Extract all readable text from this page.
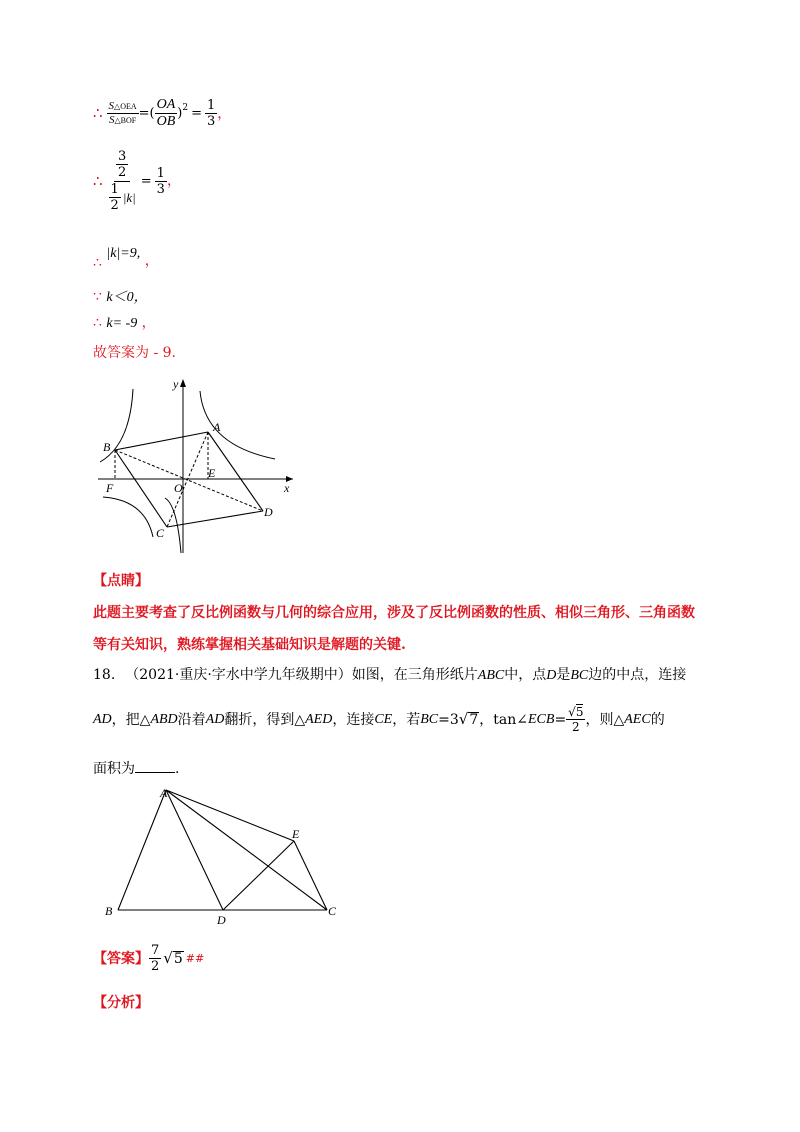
∴ $\frac{\text{S△OEA}}{\text{S△BOF}}$ =( $\frac{OA}{OB} )^2 = \frac{1}{3}$ ，
∴ $\frac{\frac{3}{2}}{\frac{1}{2} |k|} = \frac{1}{3}$ ，
∴ |k|=9, ，
∵ k＜0，
∴ k= -9 ，
故答案为 - 9.
y
x
A
B
C
D
E
F	O
【点睛】
此题主要考查了反比例函数与几何的综合应用，涉及了反比例函数的性质、相似三角形、三角函数
等有关知识，熟练掌握相关基础知识是解题的关键.
18. （2021·重庆·字水中学九年级期中）如图，在三角形纸片ABC中，点D是BC边的中点，连接
AD ，把△ ABD 沿着 AD 翻折，得到△ AED ，连接 CE ，若 BC =3 √ 7 ，tan∠ ECB = $\frac{√5}{2}$ ，则△ AEC 的
面积为	.
A
B	C
D
E
【答案】 $\frac{7}{2}$ √ 5 ##
【分析】
